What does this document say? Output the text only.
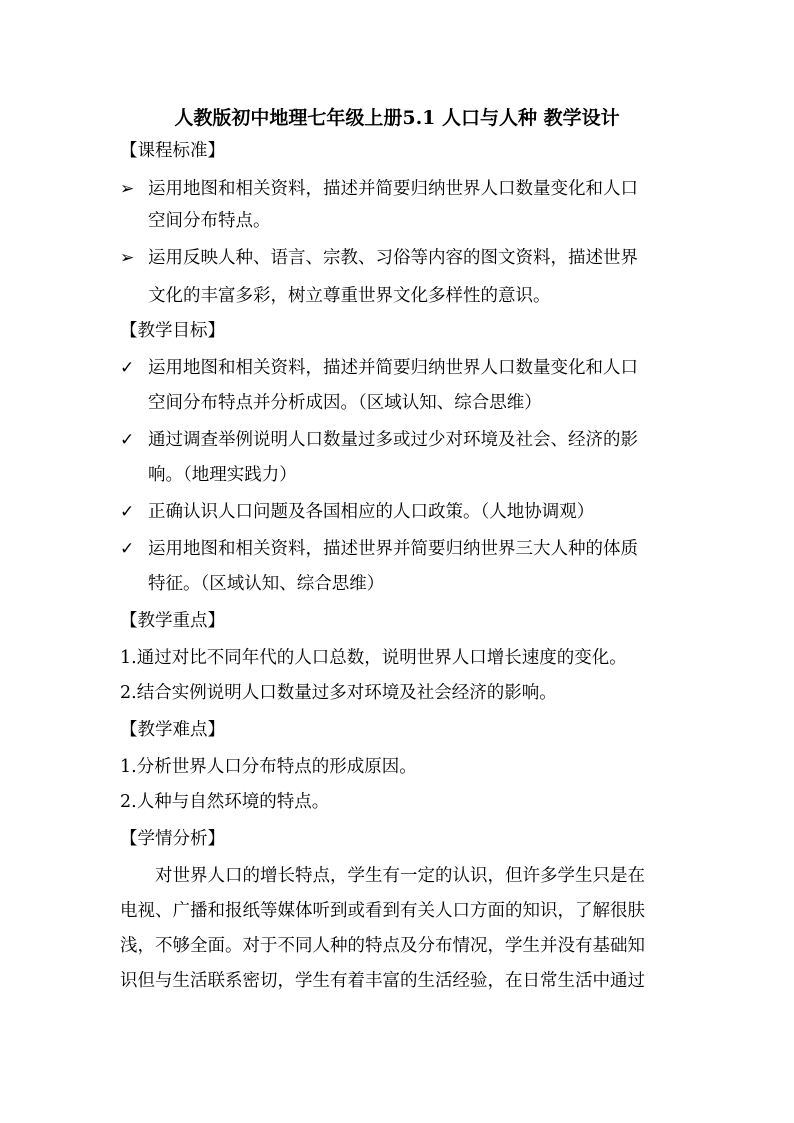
人教版初中地理七年级上册5.1 人口与人种 教学设计
【课程标准】
➢ 运用地图和相关资料，描述并简要归纳世界人口数量变化和人口
空间分布特点。
➢ 运用反映人种、语言、宗教、习俗等内容的图文资料，描述世界
文化的丰富多彩，树立尊重世界文化多样性的意识。
【教学目标】
✓ 运用地图和相关资料，描述并简要归纳世界人口数量变化和人口
空间分布特点并分析成因。（区域认知、综合思维）
✓ 通过调查举例说明人口数量过多或过少对环境及社会、经济的影
响。（地理实践力）
✓ 正确认识人口问题及各国相应的人口政策。（人地协调观）
✓ 运用地图和相关资料，描述世界并简要归纳世界三大人种的体质
特征。（区域认知、综合思维）
【教学重点】
1.通过对比不同年代的人口总数，说明世界人口增长速度的变化。
2.结合实例说明人口数量过多对环境及社会经济的影响。
【教学难点】
1.分析世界人口分布特点的形成原因。
2.人种与自然环境的特点。
【学情分析】
对世界人口的增长特点，学生有一定的认识，但许多学生只是在
电视、广播和报纸等媒体听到或看到有关人口方面的知识，了解很肤
浅，不够全面。对于不同人种的特点及分布情况，学生并没有基础知
识但与生活联系密切，学生有着丰富的生活经验，在日常生活中通过
